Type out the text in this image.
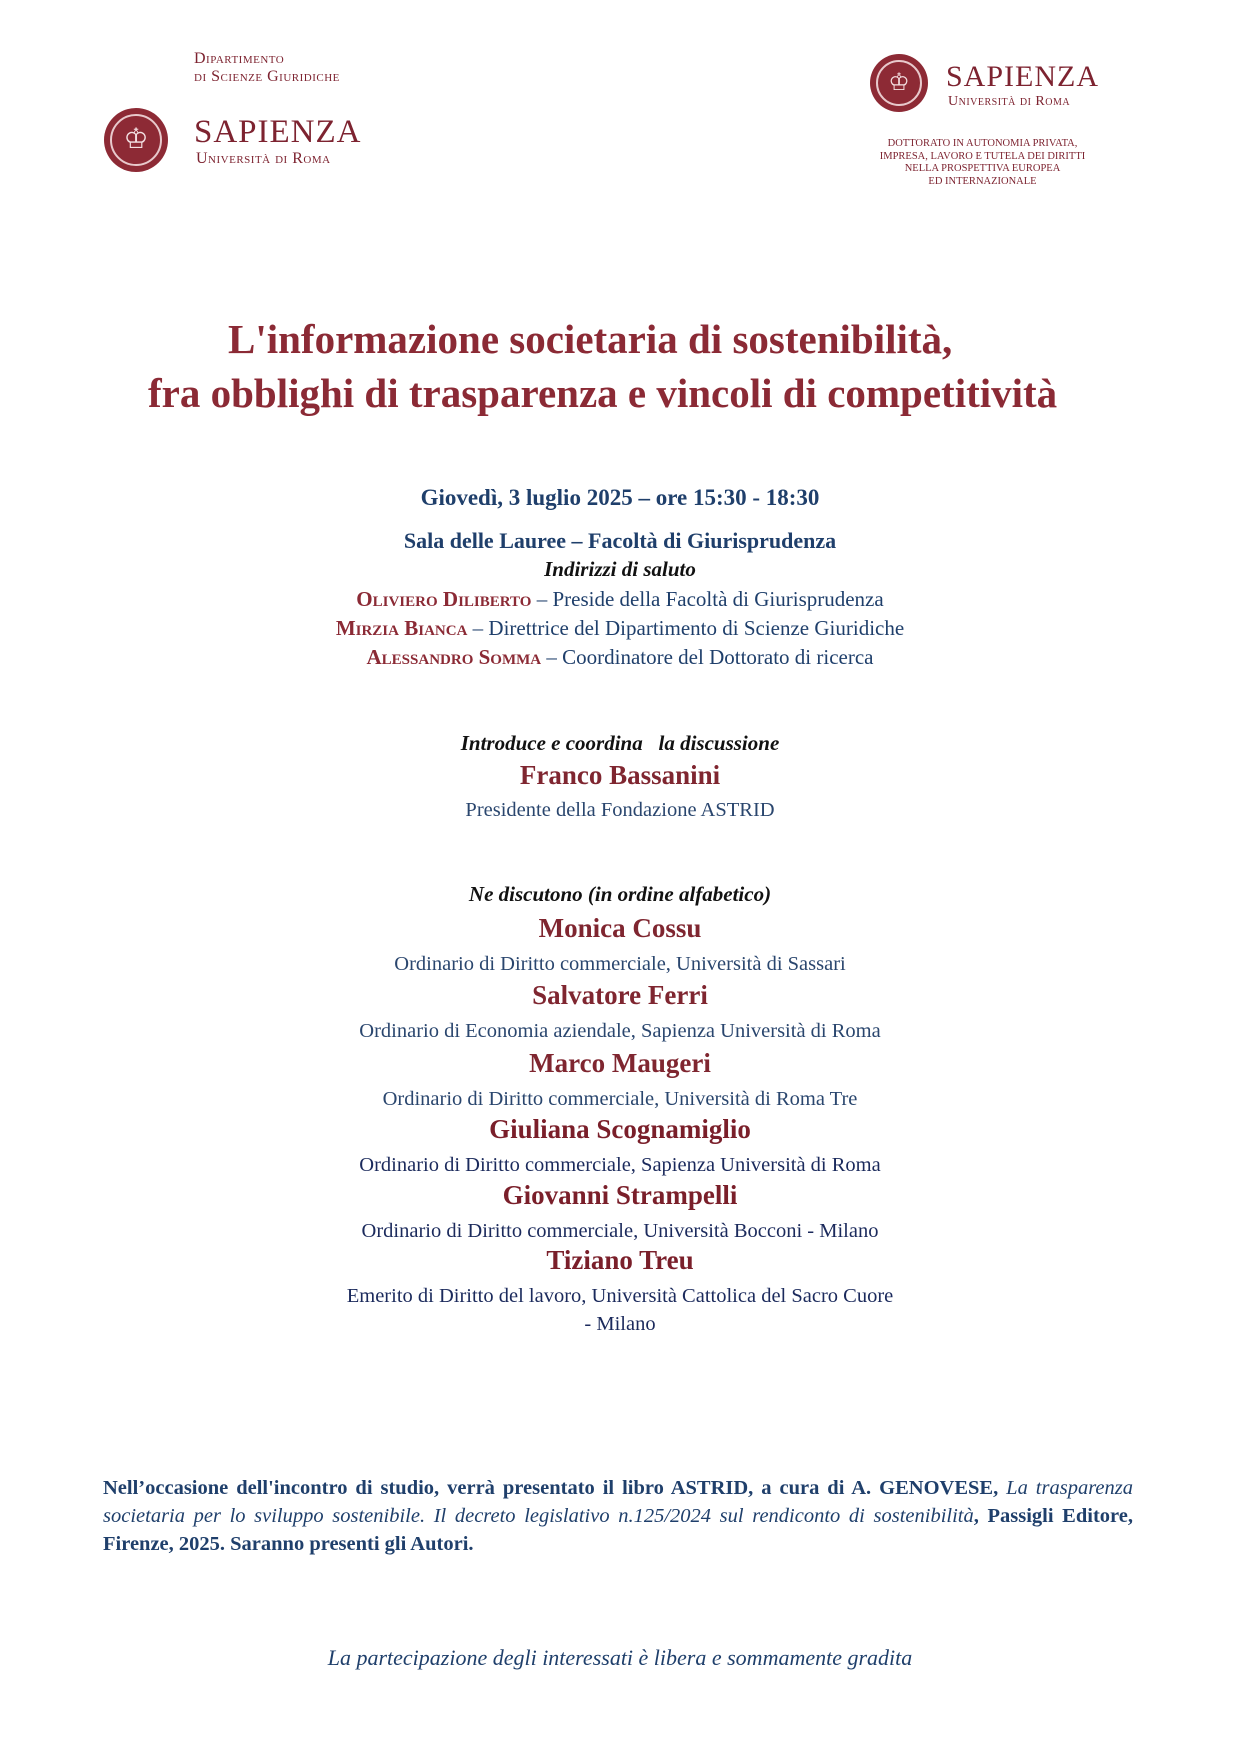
Dipartimento
di Scienze Giuridiche
♔	SAPIENZA
Università di Roma
♔	SAPIENZA
Università di Roma
DOTTORATO IN AUTONOMIA PRIVATA,
IMPRESA, LAVORO E TUTELA DEI DIRITTI
NELLA PROSPETTIVA EUROPEA
ED INTERNAZIONALE
L'informazione societaria di sostenibilità,
fra obblighi di trasparenza e vincoli di competitività
Giovedì, 3 luglio 2025 – ore 15:30 - 18:30
Sala delle Lauree – Facoltà di Giurisprudenza
Indirizzi di saluto
Oliviero Diliberto – Preside della Facoltà di Giurisprudenza
Mirzia Bianca – Direttrice del Dipartimento di Scienze Giuridiche
Alessandro Somma – Coordinatore del Dottorato di ricerca
Introduce e coordina   la discussione
Franco Bassanini
Presidente della Fondazione ASTRID
Ne discutono (in ordine alfabetico)
Monica Cossu
Ordinario di Diritto commerciale, Università di Sassari
Salvatore Ferri
Ordinario di Economia aziendale, Sapienza Università di Roma
Marco Maugeri
Ordinario di Diritto commerciale, Università di Roma Tre
Giuliana Scognamiglio
Ordinario di Diritto commerciale, Sapienza Università di Roma
Giovanni Strampelli
Ordinario di Diritto commerciale, Università Bocconi - Milano
Tiziano Treu
Emerito di Diritto del lavoro, Università Cattolica del Sacro Cuore
- Milano
Nell’occasione dell'incontro di studio, verrà presentato il libro ASTRID, a cura di A. GENOVESE, La trasparenza societaria per lo sviluppo sostenibile. Il decreto legislativo n.125/2024 sul rendiconto di sostenibilità, Passigli Editore, Firenze, 2025. Saranno presenti gli Autori.
La partecipazione degli interessati è libera e sommamente gradita
